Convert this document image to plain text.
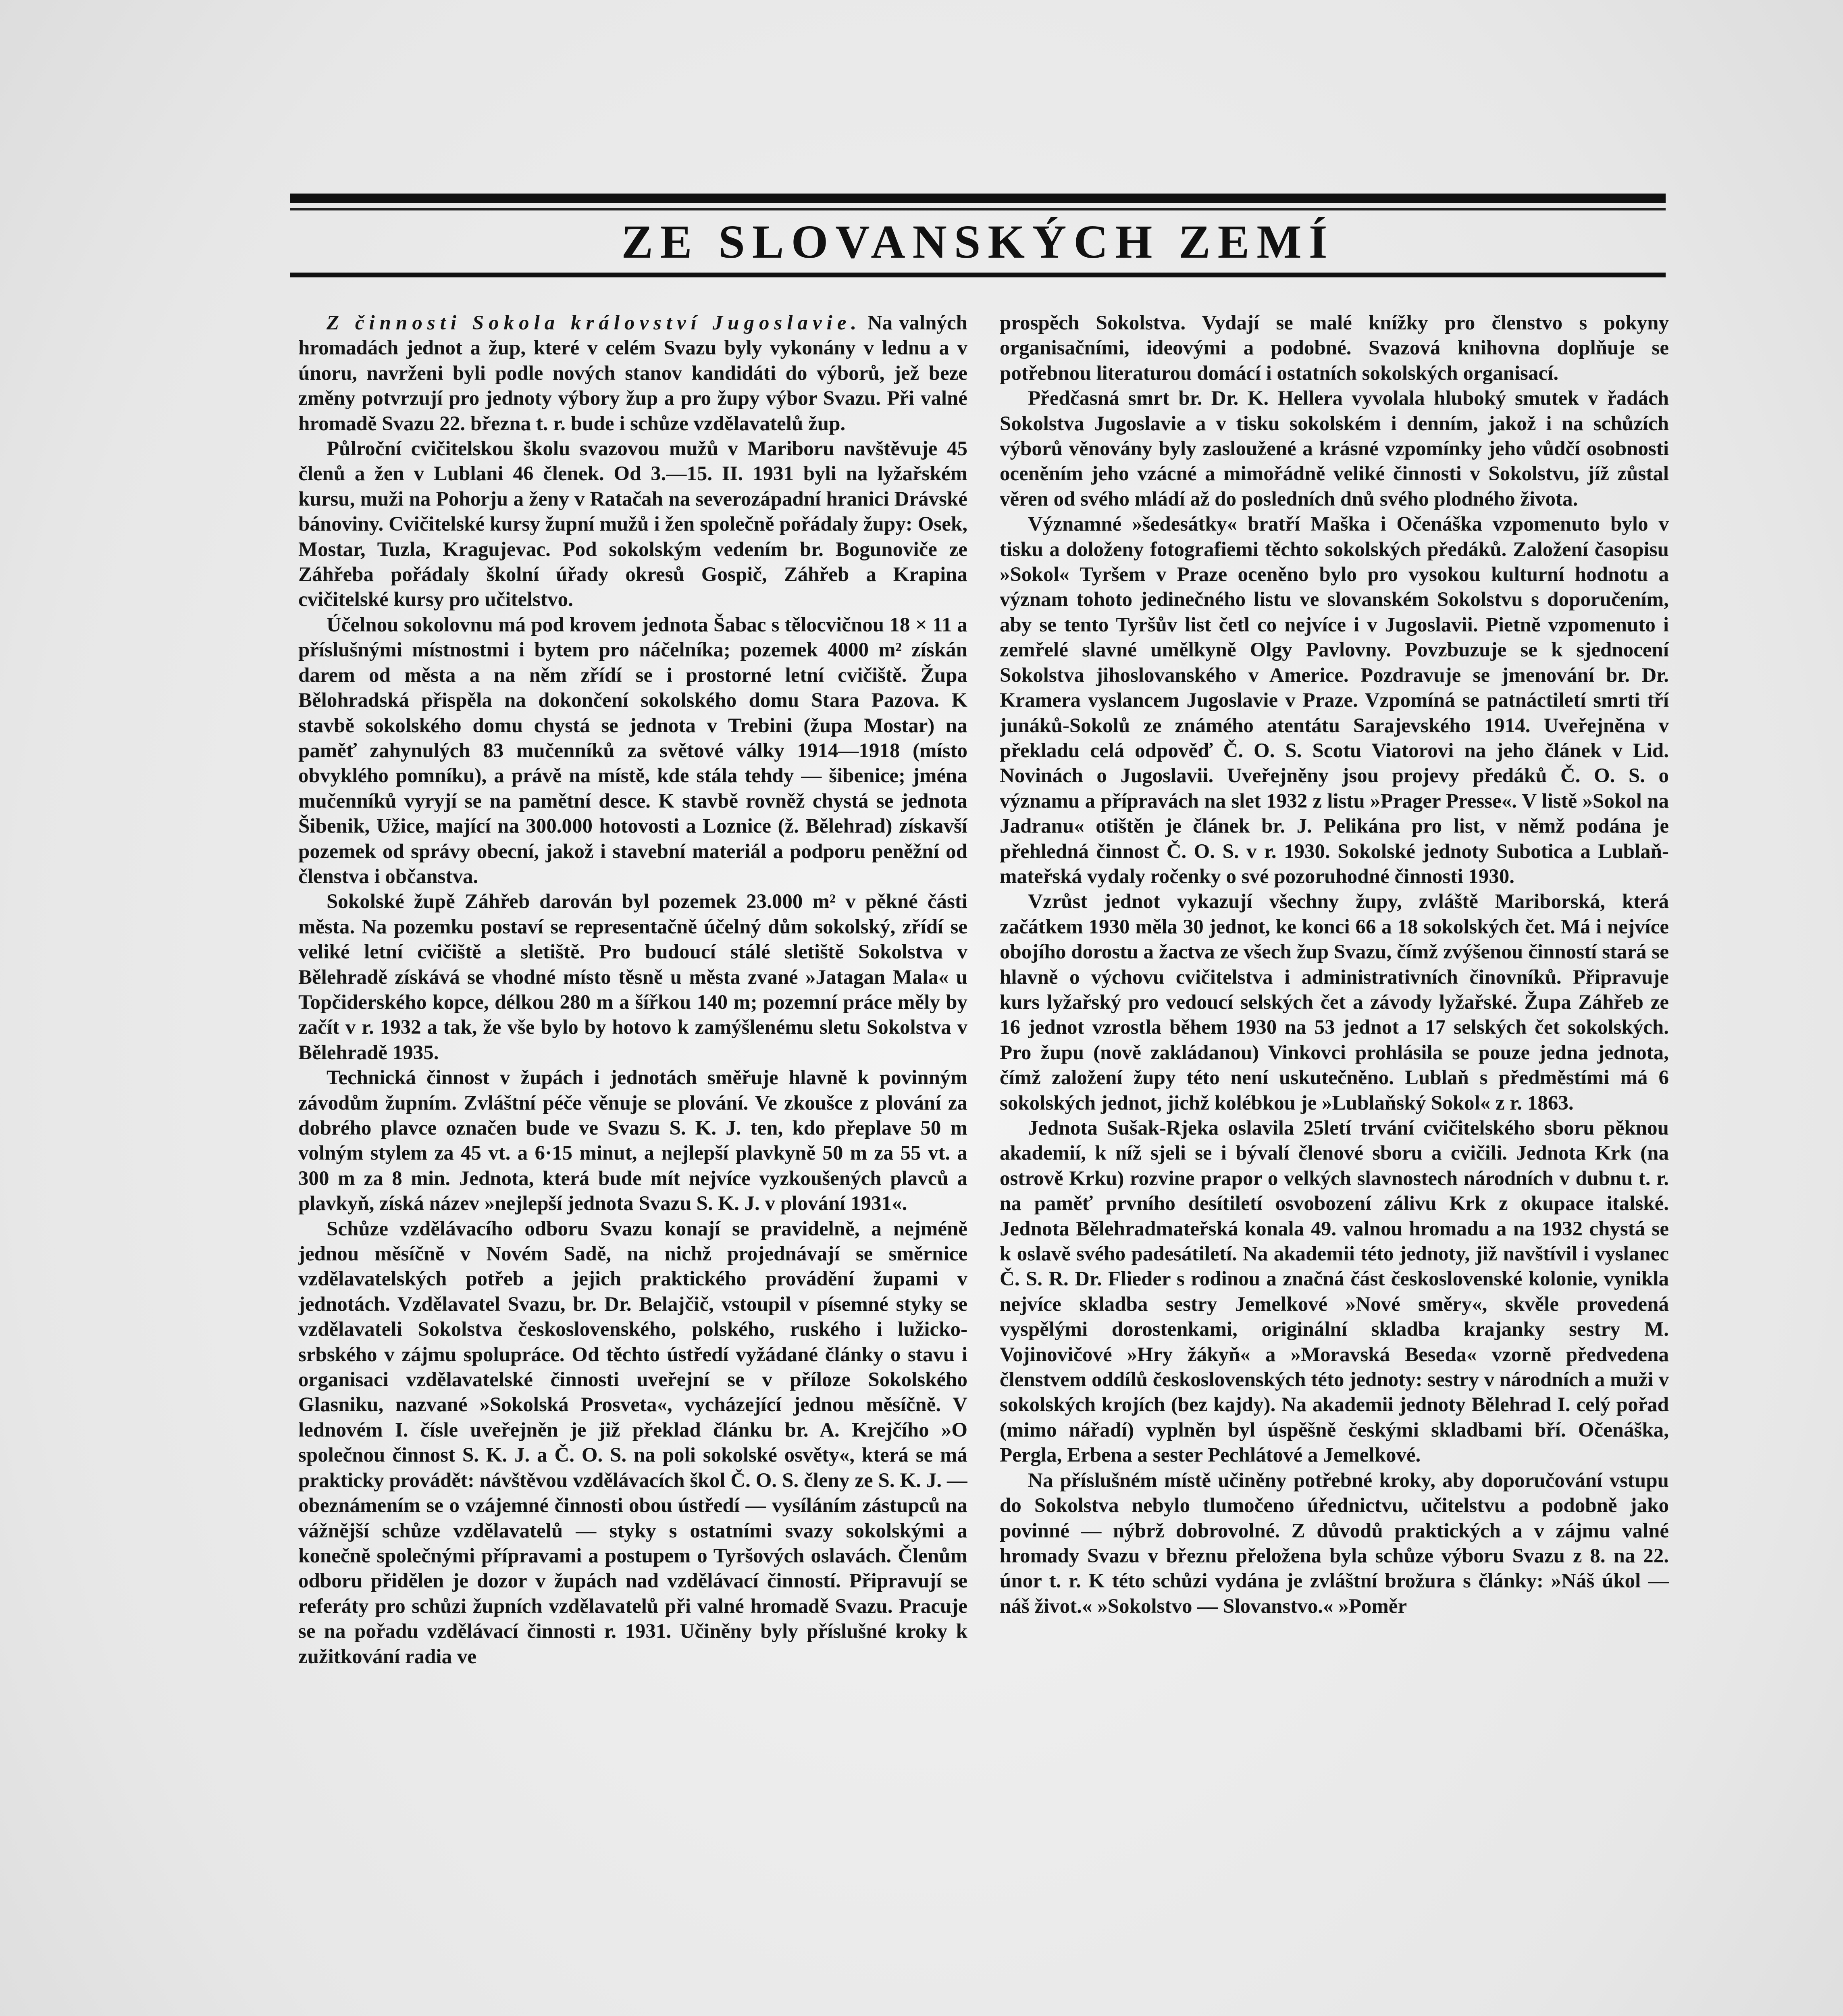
ZE SLOVANSKÝCH ZEMÍ

Z činnosti Sokola království Jugoslavie. Na valných hromadách jednot a žup, které v celém Svazu byly vykonány v lednu a v únoru, navrženi byli podle nových stanov kandidáti do výborů, jež beze změny potvrzují pro jednoty výbory žup a pro župy výbor Svazu. Při valné hromadě Svazu 22. března t. r. bude i schůze vzdělavatelů žup.

Půlroční cvičitelskou školu svazovou mužů v Mariboru navštěvuje 45 členů a žen v Lublani 46 členek. Od 3.—15. II. 1931 byli na lyžařském kursu, muži na Pohorju a ženy v Ratačah na severozápadní hranici Drávské bánoviny. Cvičitelské kursy župní mužů i žen společně pořádaly župy: Osek, Mostar, Tuzla, Kragujevac. Pod sokolským vedením br. Bogunoviče ze Záhřeba pořádaly školní úřady okresů Gospič, Záhřeb a Krapina cvičitelské kursy pro učitelstvo.

Účelnou sokolovnu má pod krovem jednota Šabac s tělocvičnou 18 × 11 a příslušnými místnostmi i bytem pro náčelníka; pozemek 4000 m² získán darem od města a na něm zřídí se i prostorné letní cvičiště. Župa Bělohradská přispěla na dokončení sokolského domu Stara Pazova. K stavbě sokolského domu chystá se jednota v Trebini (župa Mostar) na paměť zahynulých 83 mučenníků za světové války 1914—1918 (místo obvyklého pomníku), a právě na místě, kde stála tehdy — šibenice; jména mučenníků vyryjí se na pamětní desce. K stavbě rovněž chystá se jednota Šibenik, Užice, mající na 300.000 hotovosti a Loznice (ž. Bělehrad) získavší pozemek od správy obecní, jakož i stavební materiál a podporu peněžní od členstva i občanstva.

Sokolské župě Záhřeb darován byl pozemek 23.000 m² v pěkné části města. Na pozemku postaví se representačně účelný dům sokolský, zřídí se veliké letní cvičiště a sletiště. Pro budoucí stálé sletiště Sokolstva v Bělehradě získává se vhodné místo těsně u města zvané »Jatagan Mala« u Topčiderského kopce, délkou 280 m a šířkou 140 m; pozemní práce měly by začít v r. 1932 a tak, že vše bylo by hotovo k zamýšlenému sletu Sokolstva v Bělehradě 1935.

Technická činnost v župách i jednotách směřuje hlavně k povinným závodům župním. Zvláštní péče věnuje se plování. Ve zkoušce z plování za dobrého plavce označen bude ve Svazu S. K. J. ten, kdo přeplave 50 m volným stylem za 45 vt. a 6·15 minut, a nejlepší plavkyně 50 m za 55 vt. a 300 m za 8 min. Jednota, která bude mít nejvíce vyzkoušených plavců a plavkyň, získá název »nejlepší jednota Svazu S. K. J. v plování 1931«.

Schůze vzdělávacího odboru Svazu konají se pravidelně, a nejméně jednou měsíčně v Novém Sadě, na nichž projednávají se směrnice vzdělavatelských potřeb a jejich praktického provádění župami v jednotách. Vzdělavatel Svazu, br. Dr. Belajčič, vstoupil v písemné styky se vzdělavateli Sokolstva československého, polského, ruského i lužicko-srbského v zájmu spolupráce. Od těchto ústředí vyžádané články o stavu i organisaci vzdělavatelské činnosti uveřejní se v příloze Sokolského Glasniku, nazvané »Sokolská Prosveta«, vycházející jednou měsíčně. V lednovém I. čísle uveřejněn je již překlad článku br. A. Krejčího »O společnou činnost S. K. J. a Č. O. S. na poli sokolské osvěty«, která se má prakticky provádět: návštěvou vzdělávacích škol Č. O. S. členy ze S. K. J. — obeznámením se o vzájemné činnosti obou ústředí — vysíláním zástupců na vážnější schůze vzdělavatelů — styky s ostatními svazy sokolskými a konečně společnými přípravami a postupem o Tyršových oslavách. Členům odboru přidělen je dozor v župách nad vzdělávací činností. Připravují se referáty pro schůzi župních vzdělavatelů při valné hromadě Svazu. Pracuje se na pořadu vzdělávací činnosti r. 1931. Učiněny byly příslušné kroky k zužitkování radia ve

prospěch Sokolstva. Vydají se malé knížky pro členstvo s pokyny organisačními, ideovými a podobné. Svazová knihovna doplňuje se potřebnou literaturou domácí i ostatních sokolských organisací.

Předčasná smrt br. Dr. K. Hellera vyvolala hluboký smutek v řadách Sokolstva Jugoslavie a v tisku sokolském i denním, jakož i na schůzích výborů věnovány byly zasloužené a krásné vzpomínky jeho vůdčí osobnosti oceněním jeho vzácné a mimořádně veliké činnosti v Sokolstvu, jíž zůstal věren od svého mládí až do posledních dnů svého plodného života.

Významné »šedesátky« bratří Maška i Očenáška vzpomenuto bylo v tisku a doloženy fotografiemi těchto sokolských předáků. Založení časopisu »Sokol« Tyršem v Praze oceněno bylo pro vysokou kulturní hodnotu a význam tohoto jedinečného listu ve slovanském Sokolstvu s doporučením, aby se tento Tyršův list četl co nejvíce i v Jugoslavii. Pietně vzpomenuto i zemřelé slavné umělkyně Olgy Pavlovny. Povzbuzuje se k sjednocení Sokolstva jihoslovanského v Americe. Pozdravuje se jmenování br. Dr. Kramera vyslancem Jugoslavie v Praze. Vzpomíná se patnáctiletí smrti tří junáků-Sokolů ze známého atentátu Sarajevského 1914. Uveřejněna v překladu celá odpověď Č. O. S. Scotu Viatorovi na jeho článek v Lid. Novinách o Jugoslavii. Uveřejněny jsou projevy předáků Č. O. S. o významu a přípravách na slet 1932 z listu »Prager Presse«. V listě »Sokol na Jadranu« otištěn je článek br. J. Pelikána pro list, v němž podána je přehledná činnost Č. O. S. v r. 1930. Sokolské jednoty Subotica a Lublaň-mateřská vydaly ročenky o své pozoruhodné činnosti 1930.

Vzrůst jednot vykazují všechny župy, zvláště Mariborská, která začátkem 1930 měla 30 jednot, ke konci 66 a 18 sokolských čet. Má i nejvíce obojího dorostu a žactva ze všech žup Svazu, čímž zvýšenou činností stará se hlavně o výchovu cvičitelstva i administrativních činovníků. Připravuje kurs lyžařský pro vedoucí selských čet a závody lyžařské. Župa Záhřeb ze 16 jednot vzrostla během 1930 na 53 jednot a 17 selských čet sokolských. Pro župu (nově zakládanou) Vinkovci prohlásila se pouze jedna jednota, čímž založení župy této není uskutečněno. Lublaň s předměstími má 6 sokolských jednot, jichž kolébkou je »Lublaňský Sokol« z r. 1863.

Jednota Sušak-Rjeka oslavila 25letí trvání cvičitelského sboru pěknou akademií, k níž sjeli se i bývalí členové sboru a cvičili. Jednota Krk (na ostrově Krku) rozvine prapor o velkých slavnostech národních v dubnu t. r. na paměť prvního desítiletí osvobození zálivu Krk z okupace italské. Jednota Bělehradmateřská konala 49. valnou hromadu a na 1932 chystá se k oslavě svého padesátiletí. Na akademii této jednoty, již navštívil i vyslanec Č. S. R. Dr. Flieder s rodinou a značná část československé kolonie, vynikla nejvíce skladba sestry Jemelkové »Nové směry«, skvěle provedená vyspělými dorostenkami, originální skladba krajanky sestry M. Vojinovičové »Hry žákyň« a »Moravská Beseda« vzorně předvedena členstvem oddílů československých této jednoty: sestry v národních a muži v sokolských krojích (bez kajdy). Na akademii jednoty Bělehrad I. celý pořad (mimo nářadí) vyplněn byl úspěšně českými skladbami bří. Očenáška, Pergla, Erbena a sester Pechlátové a Jemelkové.

Na příslušném místě učiněny potřebné kroky, aby doporučování vstupu do Sokolstva nebylo tlumočeno úřednictvu, učitelstvu a podobně jako povinné — nýbrž dobrovolné. Z důvodů praktických a v zájmu valné hromady Svazu v březnu přeložena byla schůze výboru Svazu z 8. na 22. únor t. r. K této schůzi vydána je zvláštní brožura s články: »Náš úkol — náš život.« »Sokolstvo — Slovanstvo.« »Poměr
